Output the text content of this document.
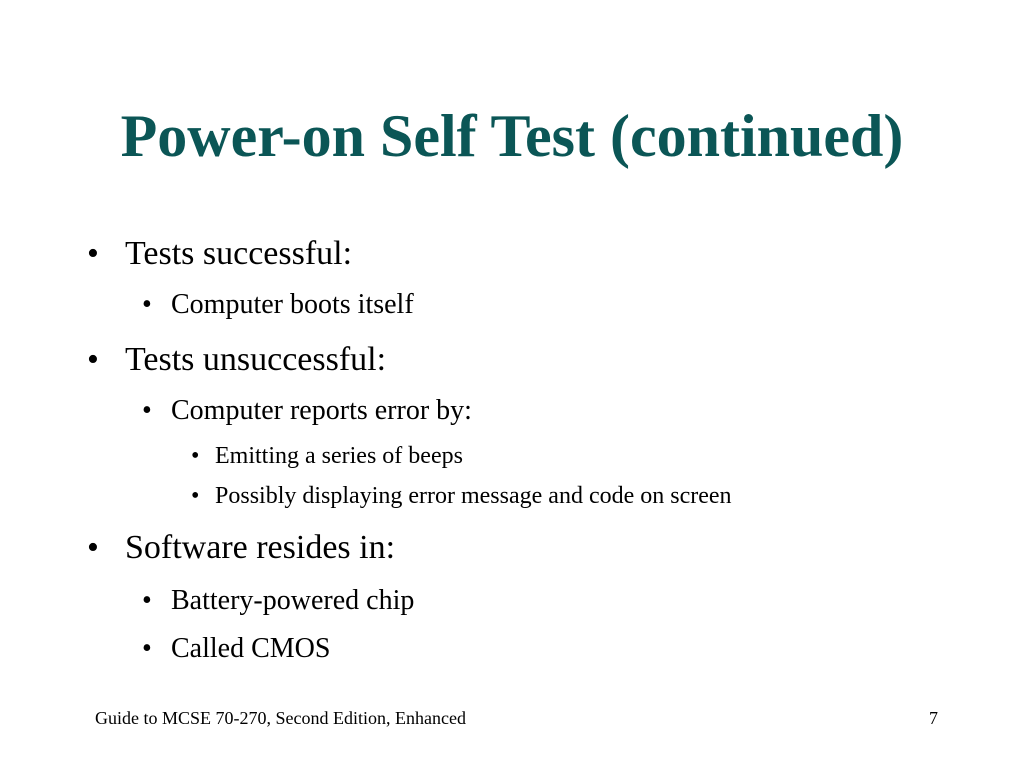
Power-on Self Test (continued)
• Tests successful:
• Computer boots itself
• Tests unsuccessful:
• Computer reports error by:
• Emitting a series of beeps
• Possibly displaying error message and code on screen
• Software resides in:
• Battery-powered chip
• Called CMOS
Guide to MCSE 70-270, Second Edition, Enhanced	7
